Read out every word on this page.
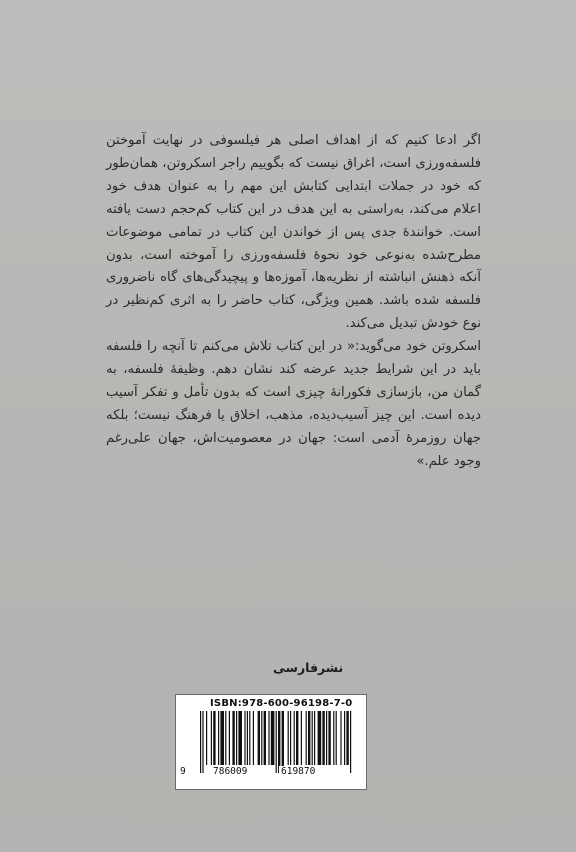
اگر ادعا کنیم که از اهداف اصلی هر فیلسوفی در نهایت آموختن فلسفه‌ورزی است، اغراق نیست که بگوییم راجر اسکروتن، همان‌طور که خود در جملات ابتدایی کتابش این مهم را به عنوان هدف خود اعلام می‌کند، به‌راستی به این هدف در این کتاب کم‌حجم دست یافته است. خوانندهٔ جدی پس از خواندن این کتاب در تمامی موضوعات مطرح‌شده به‌نوعی خود نحوهٔ فلسفه‌ورزی را آموخته است، بدون آنکه ذهنش انباشته از نظریه‌ها، آموزه‌ها و پیچیدگی‌های گاه ناضروری فلسفه شده باشد. همین ویژگی، کتاب حاضر را به اثری کم‌نظیر در نوع خودش تبدیل می‌کند.

اسکروتن خود می‌گوید:« در این کتاب تلاش می‌کنم تا آنچه را فلسفه باید در این شرایط جدید عرضه کند نشان دهم. وظیفهٔ فلسفه، به گمان من، بازسازی فکورانهٔ چیزی است که بدون تأمل و تفکر آسیب دیده است. این چیز آسیب‌دیده، مذهب، اخلاق یا فرهنگ نیست؛ بلکه جهان روزمرهٔ آدمی است: جهان در معصومیت‌اش، جهان علی‌رغم وجود علم.»

نشرفارسی
ISBN:978-600-96198-7-0
9	786009	619870
